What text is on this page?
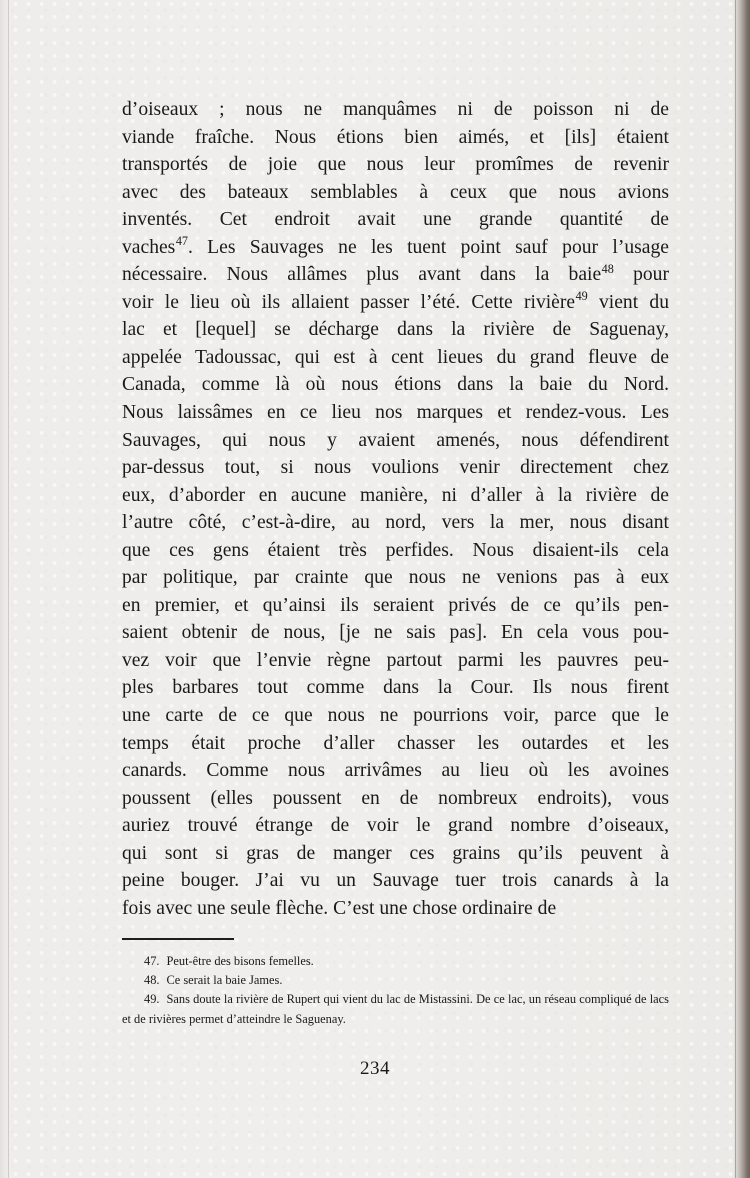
d’oiseaux ; nous ne manquâmes ni de poisson ni de
viande fraîche. Nous étions bien aimés, et [ils] étaient
transportés de joie que nous leur promîmes de revenir
avec des bateaux semblables à ceux que nous avions
inventés. Cet endroit avait une grande quantité de
vaches$^{47}$. Les Sauvages ne les tuent point sauf pour l’usage
nécessaire. Nous allâmes plus avant dans la baie$^{48}$ pour
voir le lieu où ils allaient passer l’été. Cette rivière$^{49}$ vient du
lac et [lequel] se décharge dans la rivière de Saguenay,
appelée Tadoussac, qui est à cent lieues du grand fleuve de
Canada, comme là où nous étions dans la baie du Nord.
Nous laissâmes en ce lieu nos marques et rendez-vous. Les
Sauvages, qui nous y avaient amenés, nous défendirent
par-dessus tout, si nous voulions venir directement chez
eux, d’aborder en aucune manière, ni d’aller à la rivière de
l’autre côté, c’est-à-dire, au nord, vers la mer, nous disant
que ces gens étaient très perfides. Nous disaient-ils cela
par politique, par crainte que nous ne venions pas à eux
en premier, et qu’ainsi ils seraient privés de ce qu’ils pen-
saient obtenir de nous, [je ne sais pas]. En cela vous pou-
vez voir que l’envie règne partout parmi les pauvres peu-
ples barbares tout comme dans la Cour. Ils nous firent
une carte de ce que nous ne pourrions voir, parce que le
temps était proche d’aller chasser les outardes et les
canards. Comme nous arrivâmes au lieu où les avoines
poussent (elles poussent en de nombreux endroits), vous
auriez trouvé étrange de voir le grand nombre d’oiseaux,
qui sont si gras de manger ces grains qu’ils peuvent à
peine bouger. J’ai vu un Sauvage tuer trois canards à la
fois avec une seule flèche. C’est une chose ordinaire de

47. Peut-être des bisons femelles.

48. Ce serait la baie James.

49. Sans doute la rivière de Rupert qui vient du lac de Mistassini. De ce lac, un réseau compliqué de lacs et de rivières permet d’atteindre le Saguenay.

234
